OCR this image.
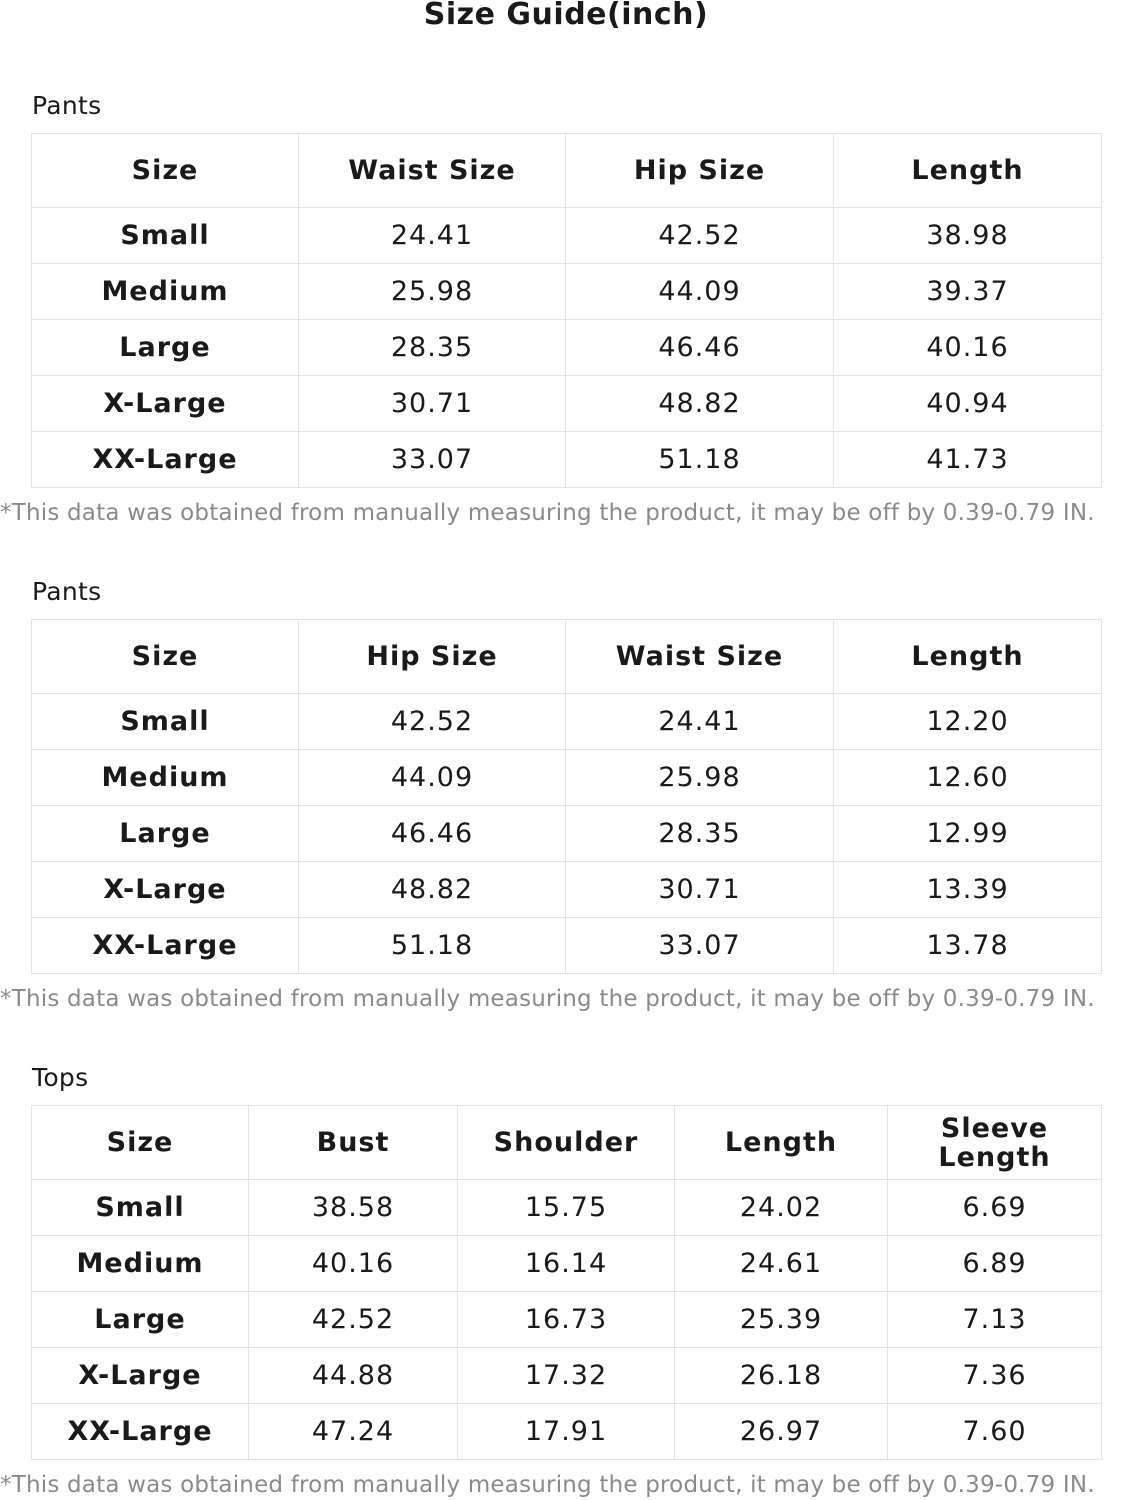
Size Guide(inch)
Pants
Size	Waist Size	Hip Size	Length
Small	24.41	42.52	38.98
Medium	25.98	44.09	39.37
Large	28.35	46.46	40.16
X-Large	30.71	48.82	40.94
XX-Large	33.07	51.18	41.73
*This data was obtained from manually measuring the product, it may be off by 0.39-0.79 IN.
Pants
Size	Hip Size	Waist Size	Length
Small	42.52	24.41	12.20
Medium	44.09	25.98	12.60
Large	46.46	28.35	12.99
X-Large	48.82	30.71	13.39
XX-Large	51.18	33.07	13.78
*This data was obtained from manually measuring the product, it may be off by 0.39-0.79 IN.
Tops
Size	Bust	Shoulder	Length	Sleeve Length
Small	38.58	15.75	24.02	6.69
Medium	40.16	16.14	24.61	6.89
Large	42.52	16.73	25.39	7.13
X-Large	44.88	17.32	26.18	7.36
XX-Large	47.24	17.91	26.97	7.60
*This data was obtained from manually measuring the product, it may be off by 0.39-0.79 IN.
